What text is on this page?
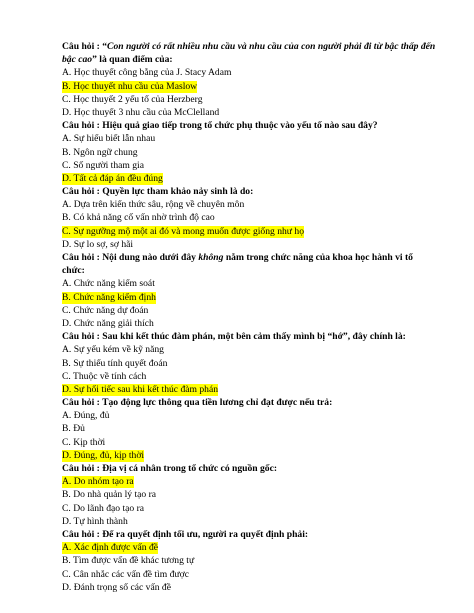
Câu hỏi : “Con người có rất nhiều nhu cầu và nhu cầu của con người phải đi từ bậc thấp đến
bậc cao” là quan điểm của:
A. Học thuyết công bằng của J. Stacy Adam
B. Học thuyết nhu cầu của Maslow
C. Học thuyết 2 yếu tố của Herzberg
D. Học thuyết 3 nhu cầu của McClelland
Câu hỏi : Hiệu quả giao tiếp trong tổ chức phụ thuộc vào yếu tố nào sau đây?
A. Sự hiểu biết lẫn nhau
B. Ngôn ngữ chung
C. Số người tham gia
D. Tất cả đáp án đều đúng
Câu hỏi : Quyền lực tham khảo nảy sinh là do:
A. Dựa trên kiến thức sâu, rộng về chuyên môn
B. Có khả năng cố vấn nhờ trình độ cao
C. Sự ngưỡng mộ một ai đó và mong muốn được giống như họ
D. Sự lo sợ, sợ hãi
Câu hỏi : Nội dung nào dưới đây không nằm trong chức năng của khoa học hành vi tổ
chức:
A. Chức năng kiểm soát
B. Chức năng kiểm định
C. Chức năng dự đoán
D. Chức năng giải thích
Câu hỏi : Sau khi kết thúc đàm phán, một bên cảm thấy mình bị “hớ”, đây chính là:
A. Sự yếu kém về kỹ năng
B. Sự thiếu tính quyết đoán
C. Thuộc về tính cách
D. Sự hối tiếc sau khi kết thúc đàm phán
Câu hỏi : Tạo động lực thông qua tiền lương chỉ đạt được nếu trả:
A. Đúng, đủ
B. Đủ
C. Kịp thời
D. Đúng, đủ, kịp thời
Câu hỏi : Địa vị cá nhân trong tổ chức có nguồn gốc:
A. Do nhóm tạo ra
B. Do nhà quản lý tạo ra
C. Do lãnh đạo tạo ra
D. Tự hình thành
Câu hỏi : Để ra quyết định tối ưu, người ra quyết định phải:
A. Xác định được vấn đề
B. Tìm được vấn đề khác tương tự
C. Cân nhắc các vấn đề tìm được
D. Đánh trọng số các vấn đề
